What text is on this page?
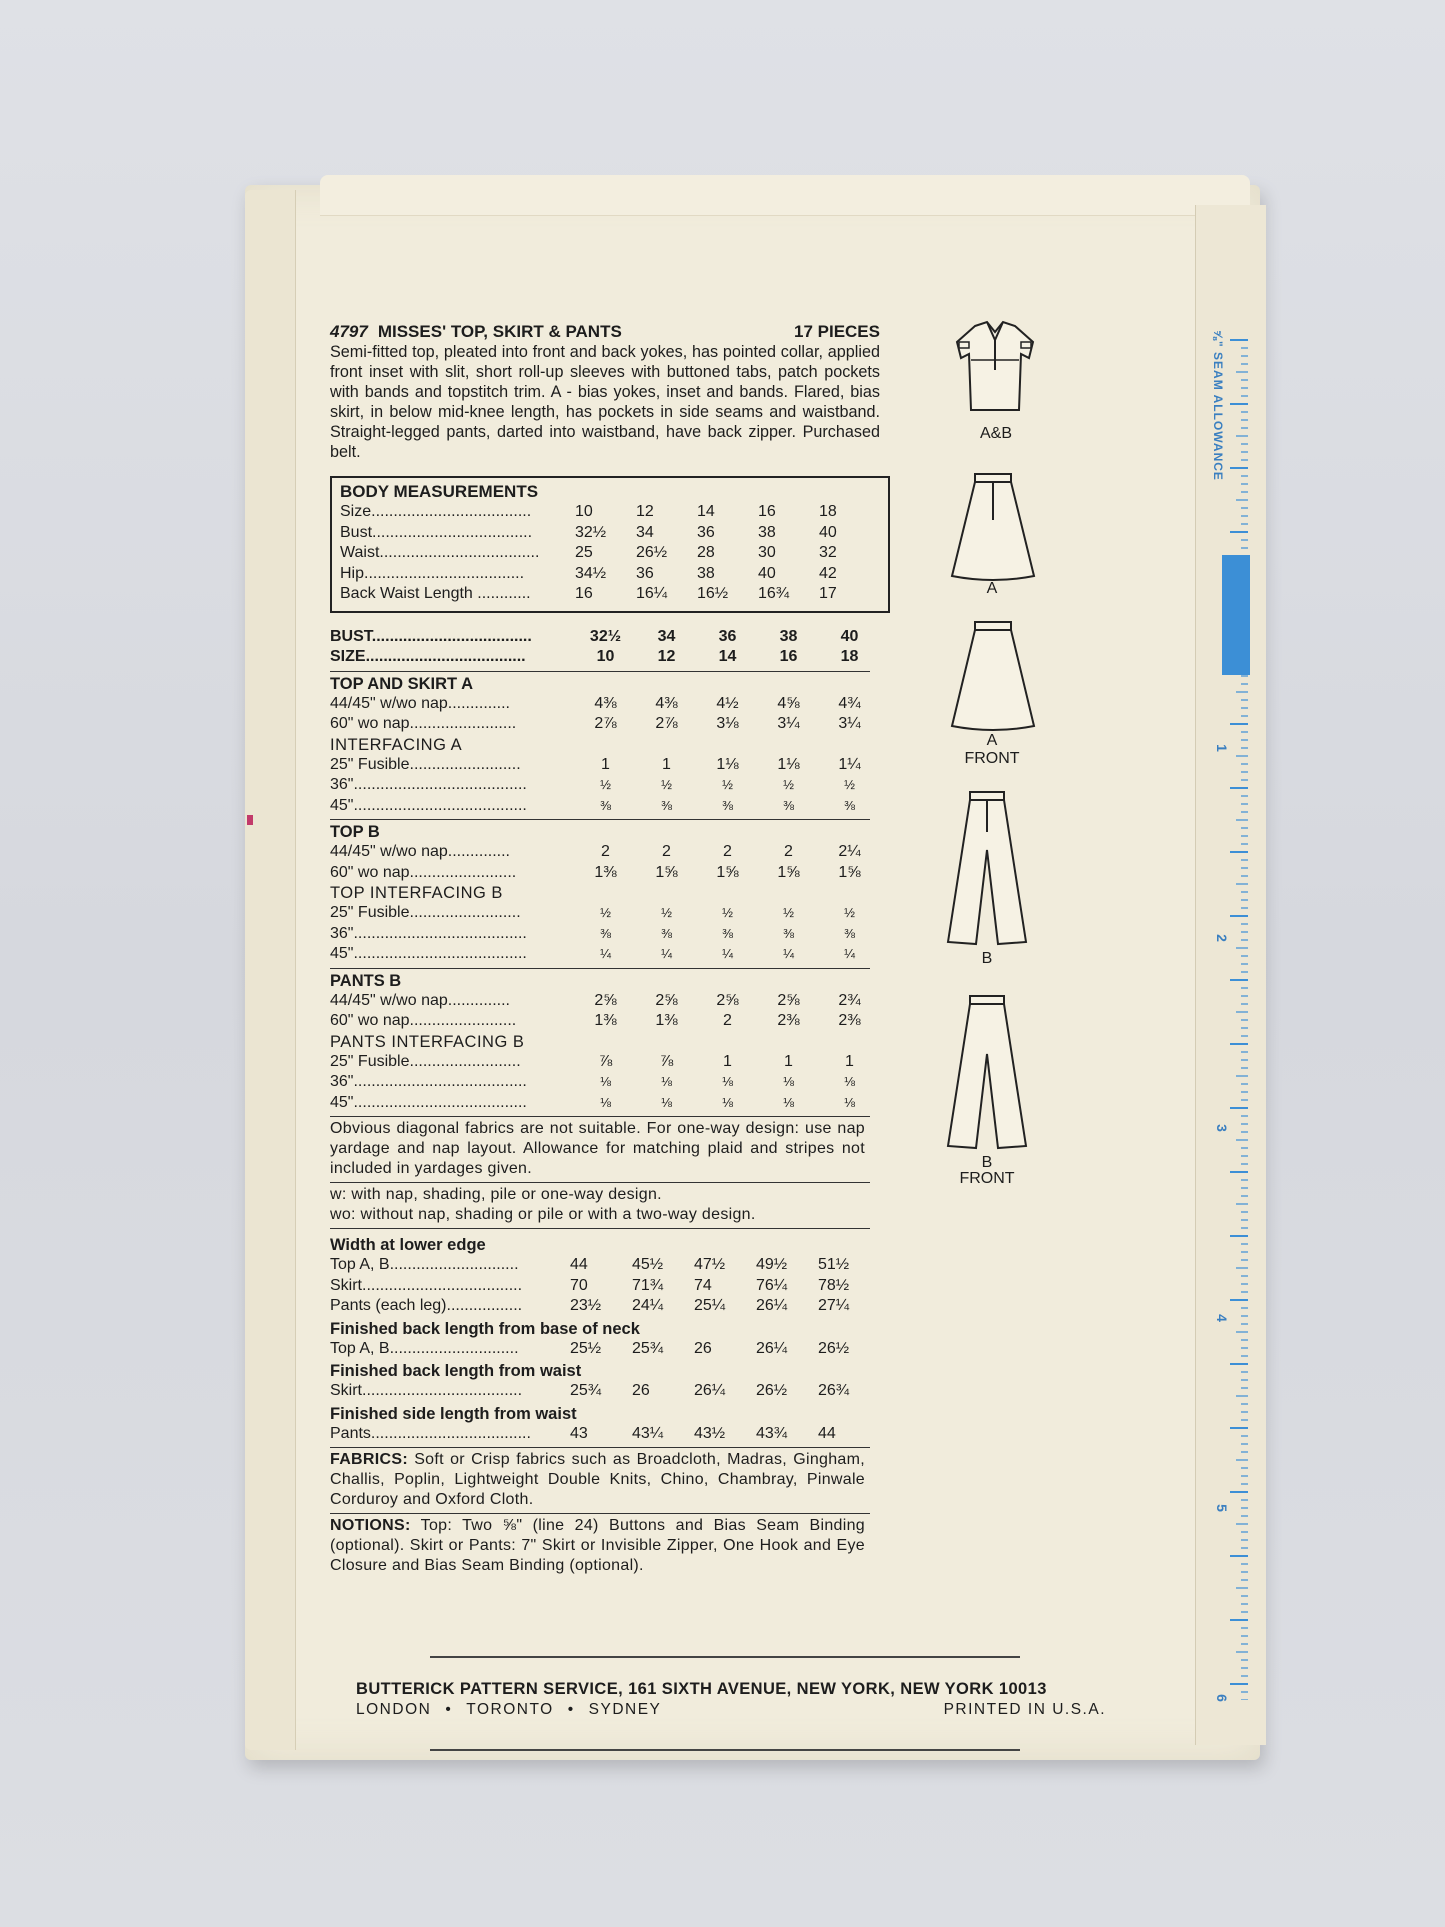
4797 MISSES' TOP, SKIRT & PANTS	17 PIECES
Semi-fitted top, pleated into front and back yokes, has pointed collar, applied front inset with slit, short roll-up sleeves with buttoned tabs, patch pockets with bands and topstitch trim. A - bias yokes, inset and bands. Flared, bias skirt, in below mid-knee length, has pockets in side seams and waistband. Straight-legged pants, darted into waistband, have back zipper. Purchased belt.
BODY MEASUREMENTS
Size....................................	10	12	14	16	18
Bust....................................	32½	34	36	38	40
Waist....................................	25	26½	28	30	32
Hip....................................	34½	36	38	40	42
Back Waist Length ............	16	16¼	16½	16¾	17
BUST....................................	32½	34	36	38	40
SIZE....................................	10	12	14	16	18
TOP AND SKIRT A
44/45" w/wo nap..............	4⅜	4⅜	4½	4⅝	4¾
60" wo nap........................	2⅞	2⅞	3⅛	3¼	3¼
INTERFACING A
25" Fusible.........................	1	1	1⅛	1⅛	1¼
36".......................................	½	½	½	½	½
45".......................................	⅜	⅜	⅜	⅜	⅜
TOP B
44/45" w/wo nap..............	2	2	2	2	2¼
60" wo nap........................	1⅜	1⅝	1⅝	1⅝	1⅝
TOP INTERFACING B
25" Fusible.........................	½	½	½	½	½
36".......................................	⅜	⅜	⅜	⅜	⅜
45".......................................	¼	¼	¼	¼	¼
PANTS B
44/45" w/wo nap..............	2⅝	2⅝	2⅝	2⅝	2¾
60" wo nap........................	1⅜	1⅜	2	2⅜	2⅜
PANTS INTERFACING B
25" Fusible.........................	⅞	⅞	1	1	1
36".......................................	⅛	⅛	⅛	⅛	⅛
45".......................................	⅛	⅛	⅛	⅛	⅛
Obvious diagonal fabrics are not suitable. For one-way design: use nap yardage and nap layout. Allowance for matching plaid and stripes not included in yardages given.
w: with nap, shading, pile or one-way design.
wo: without nap, shading or pile or with a two-way design.
Width at lower edge
Top A, B.............................	44	45½	47½	49½	51½
Skirt....................................	70	71¾	74	76¼	78½
Pants (each leg).................	23½	24¼	25¼	26¼	27¼
Finished back length from base of neck
Top A, B.............................	25½	25¾	26	26¼	26½
Finished back length from waist
Skirt....................................	25¾	26	26¼	26½	26¾
Finished side length from waist
Pants....................................	43	43¼	43½	43¾	44
FABRICS: Soft or Crisp fabrics such as Broadcloth, Madras, Gingham, Challis, Poplin, Lightweight Double Knits, Chino, Chambray, Pinwale Corduroy and Oxford Cloth.
NOTIONS: Top: Two ⅝" (line 24) Buttons and Bias Seam Binding (optional). Skirt or Pants: 7" Skirt or Invisible Zipper, One Hook and Eye Closure and Bias Seam Binding (optional).
BUTTERICK PATTERN SERVICE, 161 SIXTH AVENUE, NEW YORK, NEW YORK 10013
LONDON • TORONTO • SYDNEY	PRINTED IN U.S.A.
A&B
A
A
FRONT
B
B
FRONT
⅝" SEAM ALLOWANCE
1
2
3
4
5
6
